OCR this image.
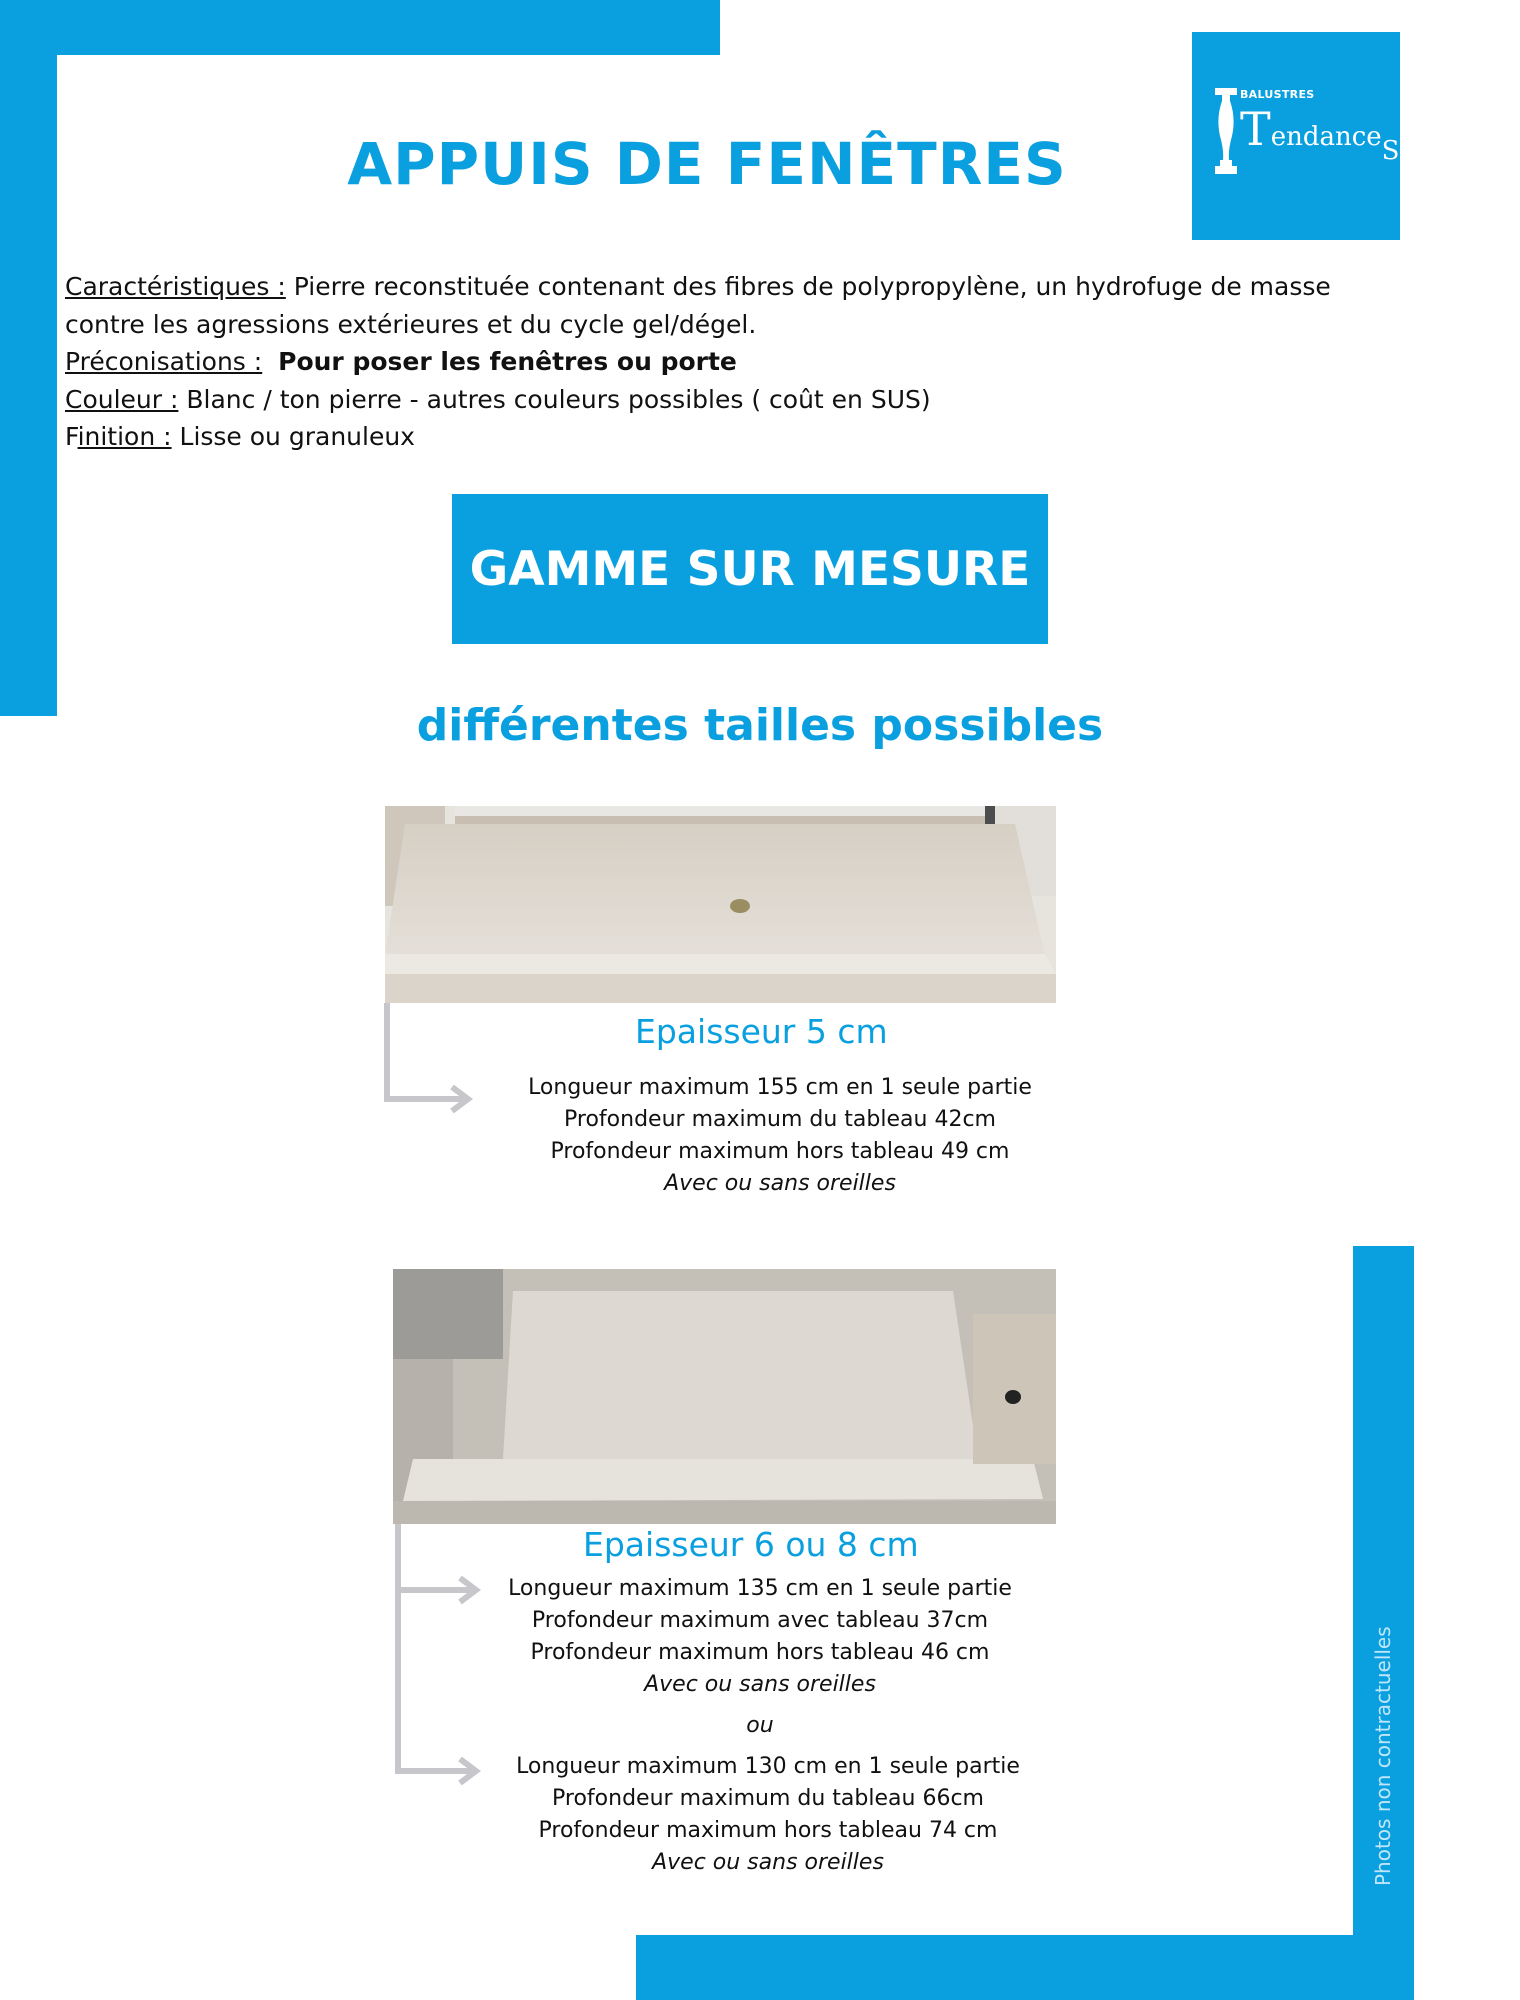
Photos non contractuelles
BALUSTRES
TendanceSud
APPUIS DE FENÊTRES
Caractéristiques : Pierre reconstituée contenant des fibres de polypropylène, un hydrofuge de masse
contre les agressions extérieures et du cycle gel/dégel.
Préconisations : Pour poser les fenêtres ou porte
Couleur : Blanc / ton pierre - autres couleurs possibles ( coût en SUS)
Finition : Lisse ou granuleux
GAMME SUR MESURE
différentes tailles possibles
Epaisseur 5 cm
Longueur maximum 155 cm en 1 seule partie
Profondeur maximum du tableau 42cm
Profondeur maximum hors tableau 49 cm
Avec ou sans oreilles
Epaisseur 6 ou 8 cm
Longueur maximum 135 cm en 1 seule partie
Profondeur maximum avec tableau 37cm
Profondeur maximum hors tableau 46 cm
Avec ou sans oreilles
ou
Longueur maximum 130 cm en 1 seule partie
Profondeur maximum du tableau 66cm
Profondeur maximum hors tableau 74 cm
Avec ou sans oreilles
